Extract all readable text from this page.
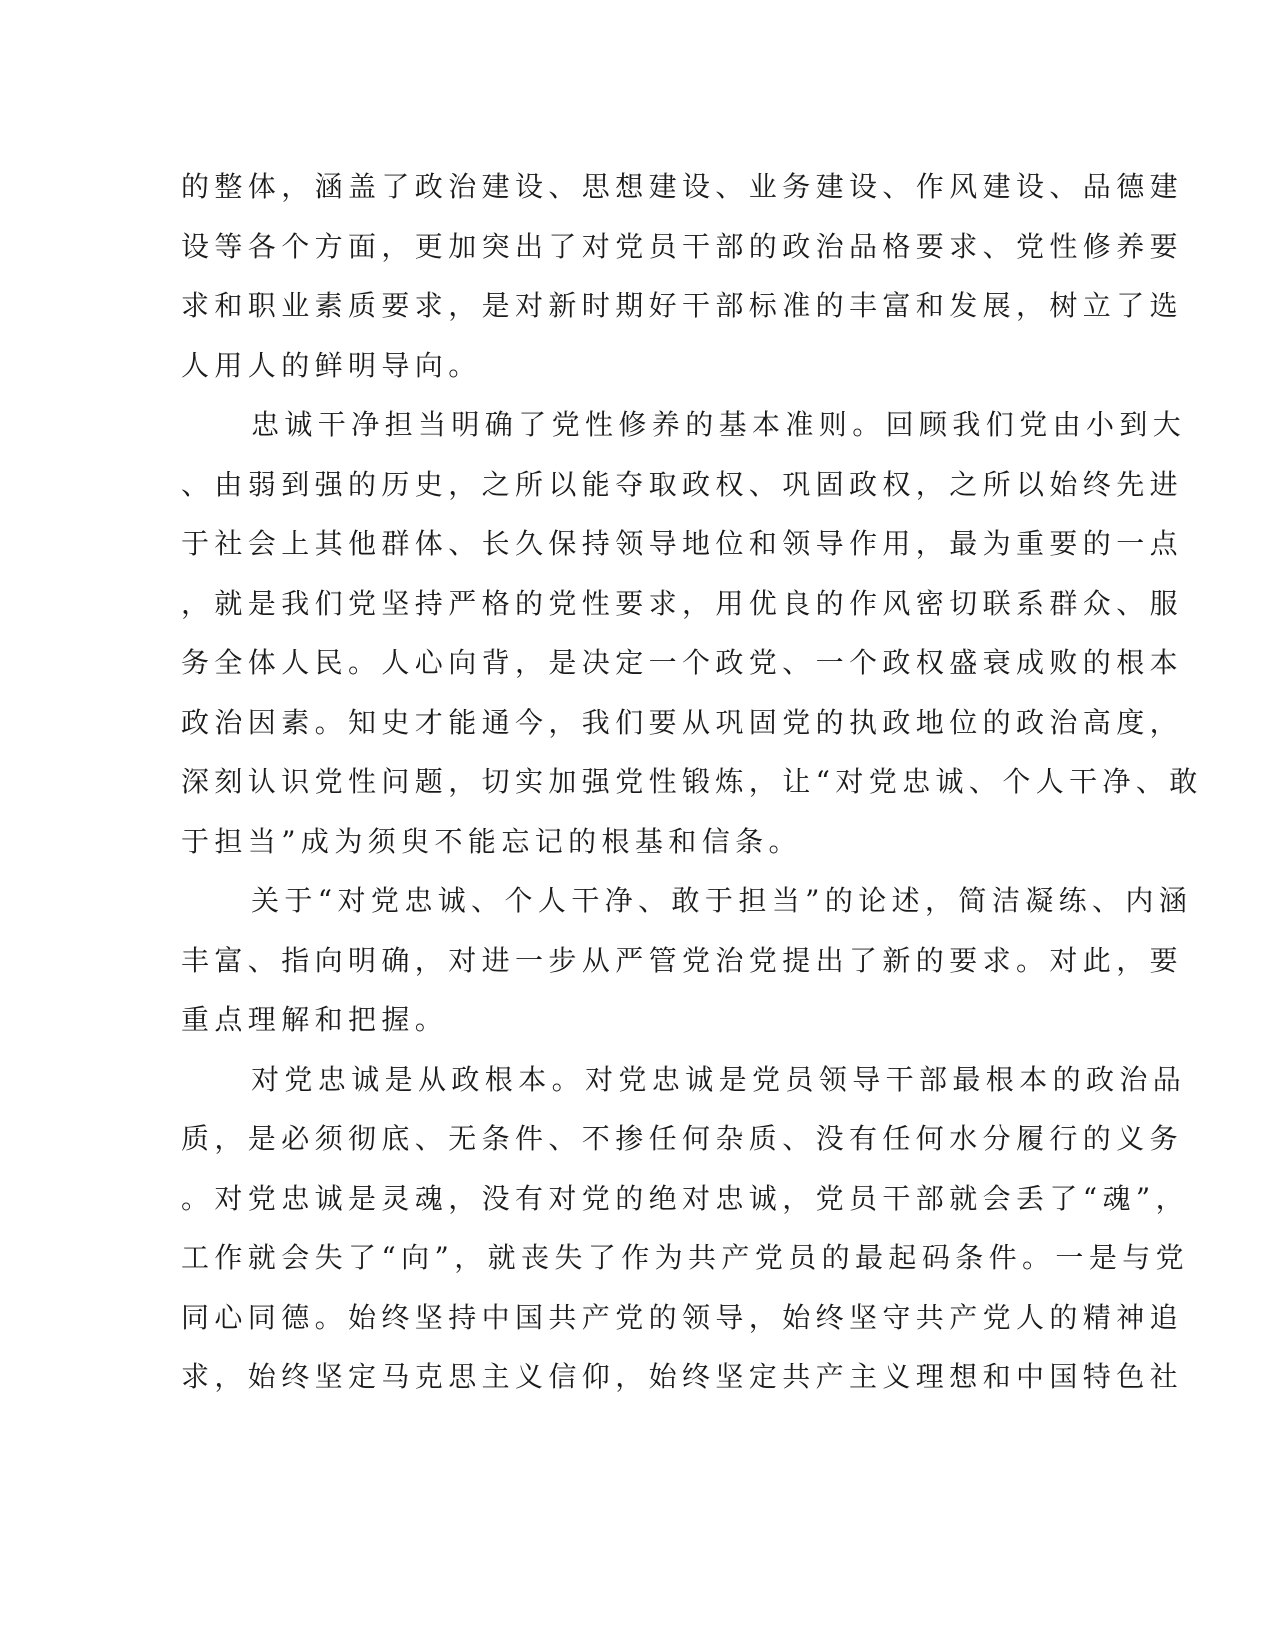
的整体，涵盖了政治建设、思想建设、业务建设、作风建设、品德建
设等各个方面，更加突出了对党员干部的政治品格要求、党性修养要
求和职业素质要求，是对新时期好干部标准的丰富和发展，树立了选
人用人的鲜明导向。
忠诚干净担当明确了党性修养的基本准则。回顾我们党由小到大
、由弱到强的历史，之所以能夺取政权、巩固政权，之所以始终先进
于社会上其他群体、长久保持领导地位和领导作用，最为重要的一点
，就是我们党坚持严格的党性要求，用优良的作风密切联系群众、服
务全体人民。人心向背，是决定一个政党、一个政权盛衰成败的根本
政治因素。知史才能通今，我们要从巩固党的执政地位的政治高度，
深刻认识党性问题，切实加强党性锻炼，让“对党忠诚、个人干净、敢
于担当”成为须臾不能忘记的根基和信条。
关于“对党忠诚、个人干净、敢于担当”的论述，简洁凝练、内涵
丰富、指向明确，对进一步从严管党治党提出了新的要求。对此，要
重点理解和把握。
对党忠诚是从政根本。对党忠诚是党员领导干部最根本的政治品
质，是必须彻底、无条件、不掺任何杂质、没有任何水分履行的义务
。对党忠诚是灵魂，没有对党的绝对忠诚，党员干部就会丢了“魂”，
工作就会失了“向”，就丧失了作为共产党员的最起码条件。一是与党
同心同德。始终坚持中国共产党的领导，始终坚守共产党人的精神追
求，始终坚定马克思主义信仰，始终坚定共产主义理想和中国特色社
